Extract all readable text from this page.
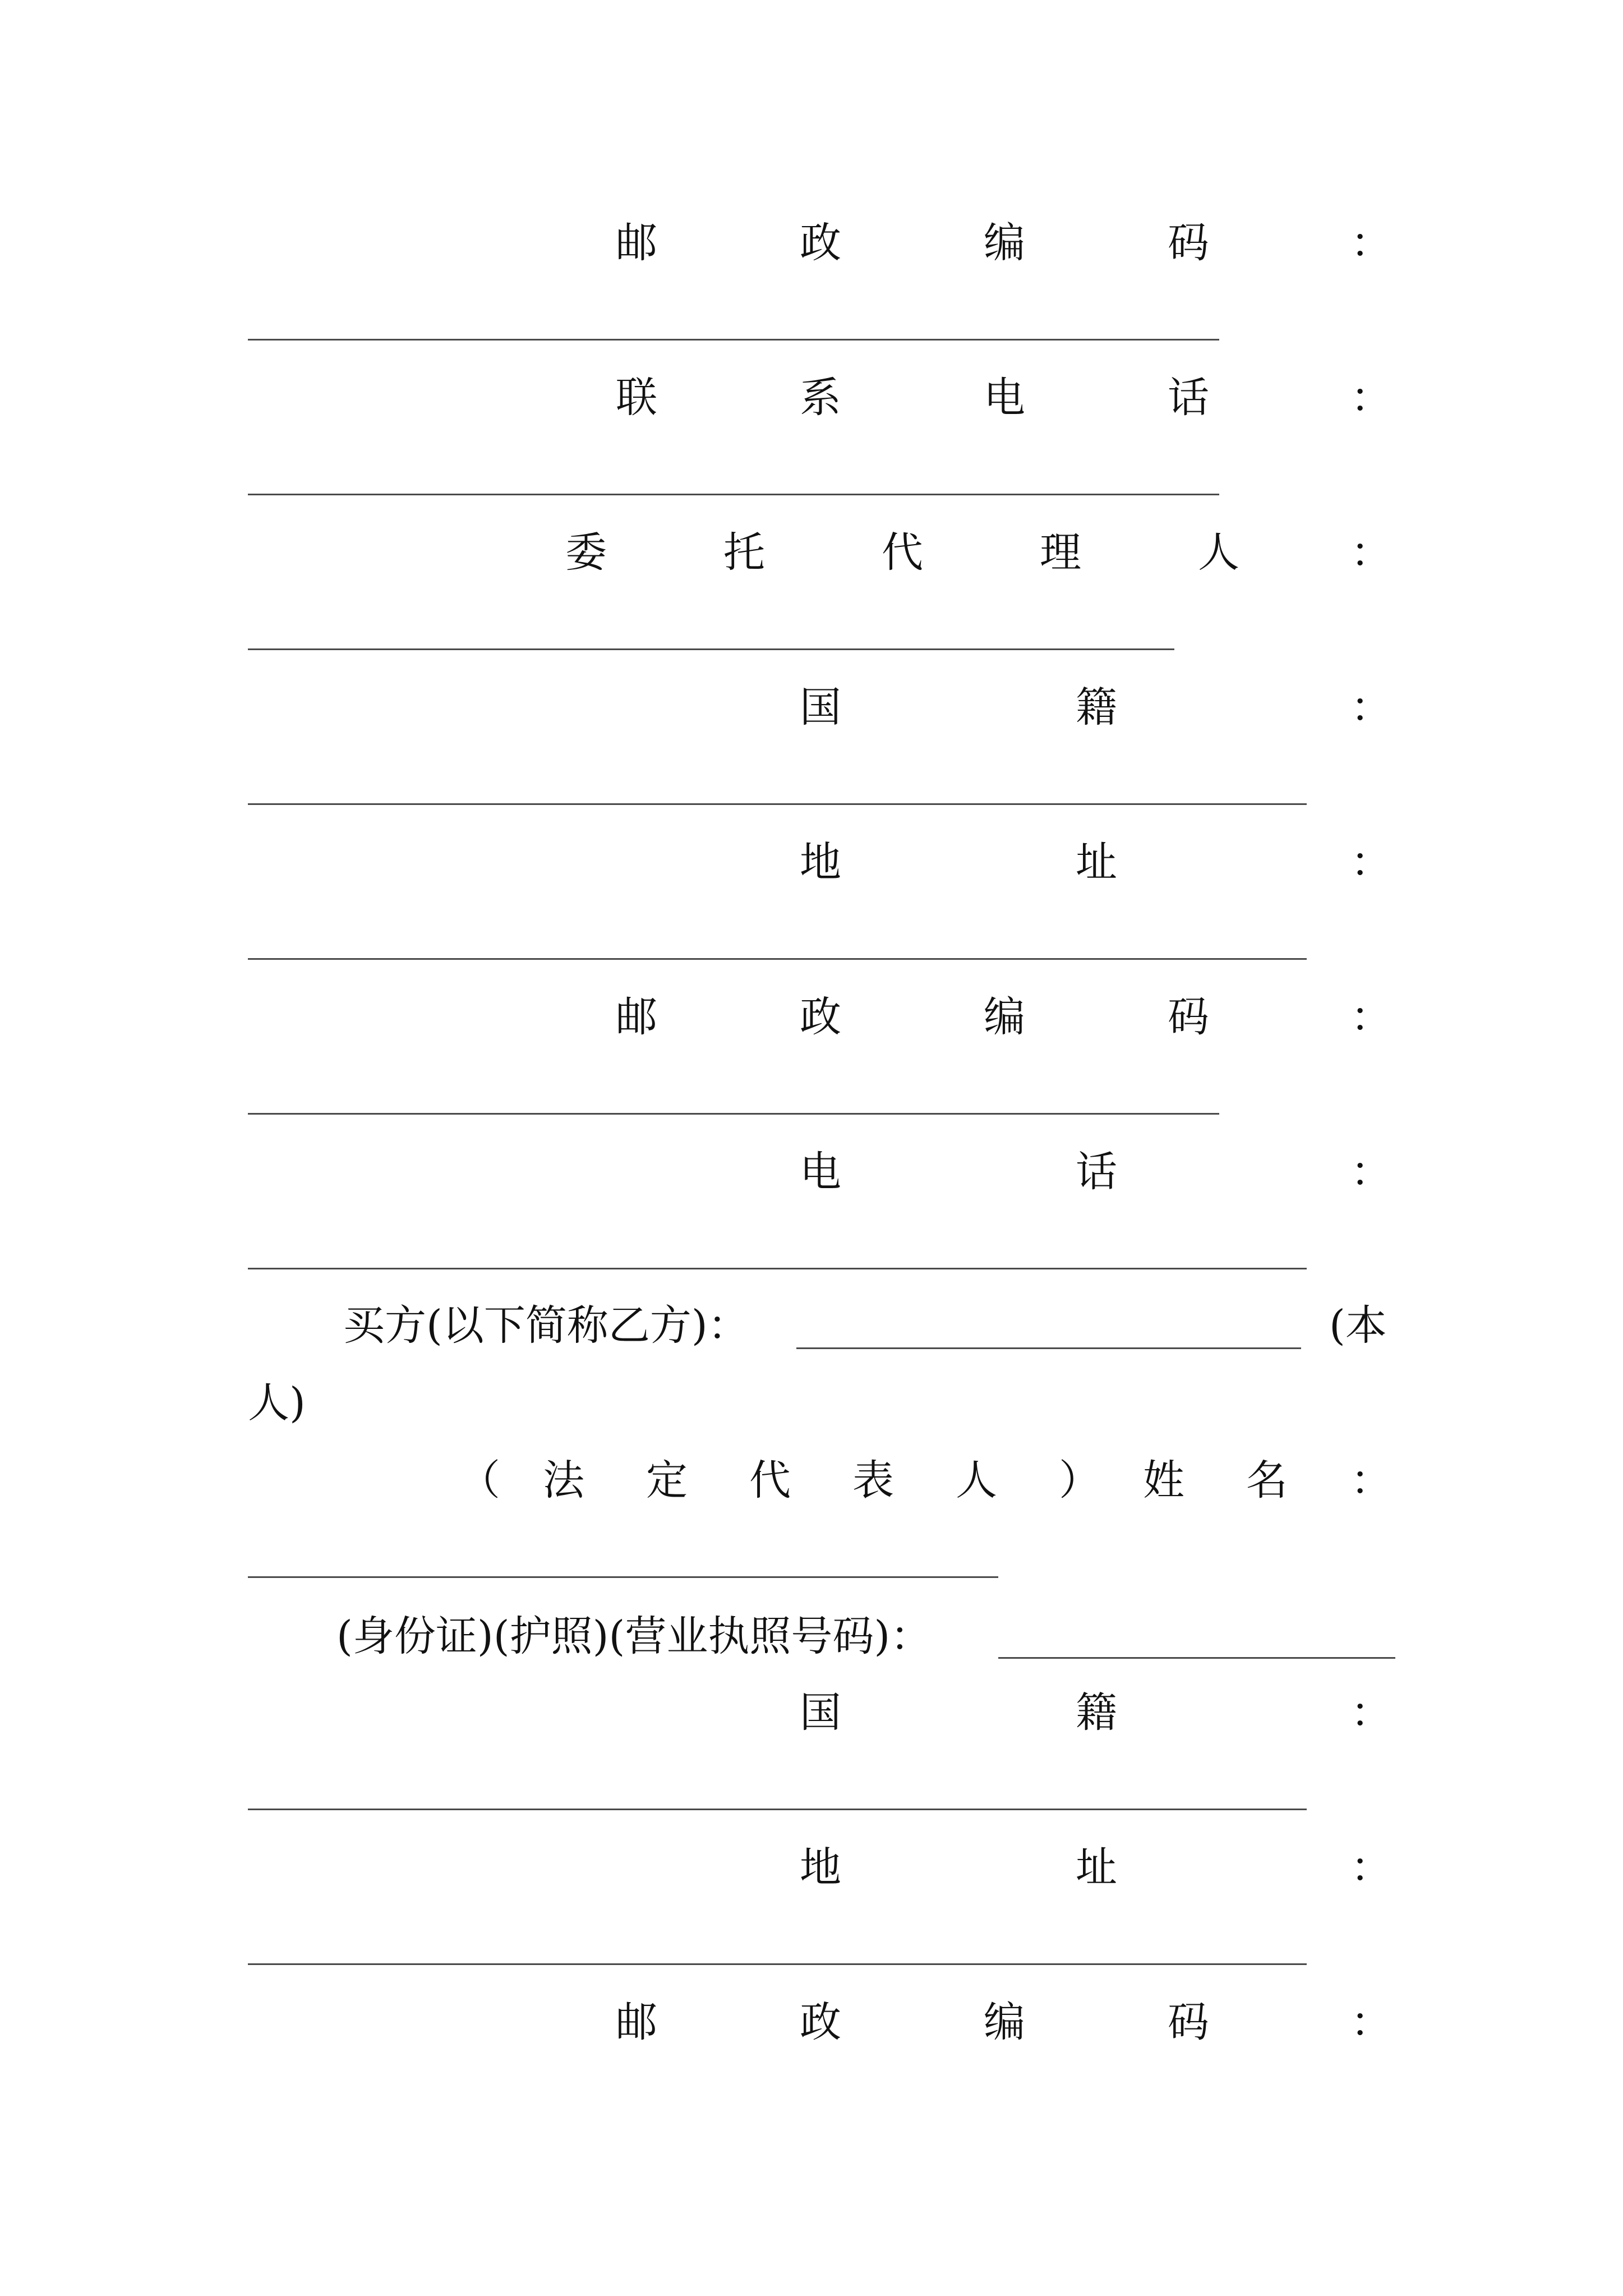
邮	政	编	码	：
联	系	电	话	：
委	托	代	理	人	：
国	籍	：
地	址	：
邮	政	编	码	：
电	话	：
买方(以下简称乙方)：	(本
人)
（ 法 定 代 表 人 ） 姓 名 ：
(身份证)(护照)(营业执照号码)：
国	籍	：
地	址	：
邮	政	编	码	：
